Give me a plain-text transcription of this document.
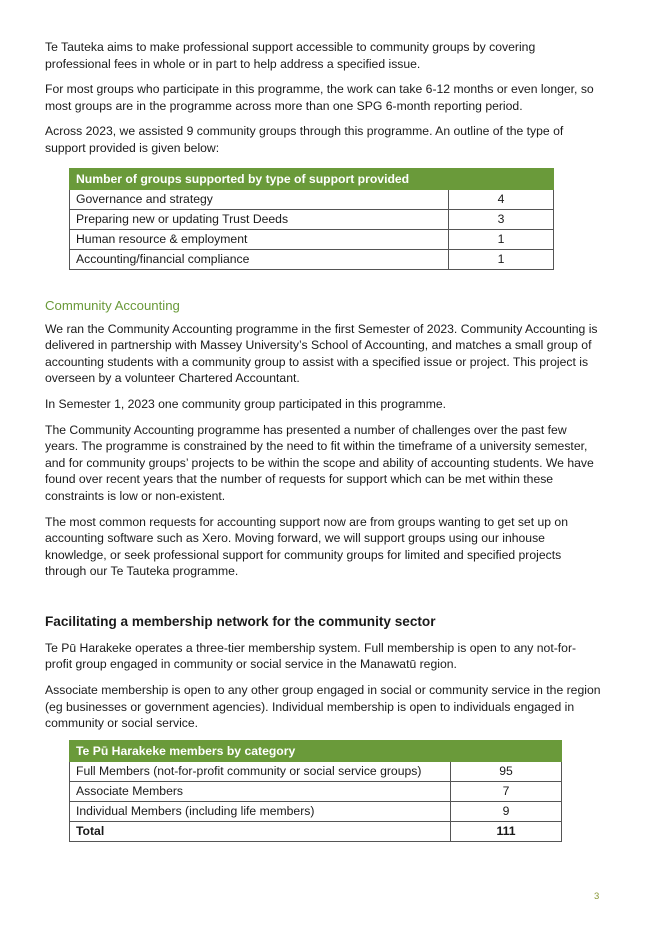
Te Tauteka aims to make professional support accessible to community groups by covering professional fees in whole or in part to help address a specified issue.

For most groups who participate in this programme, the work can take 6-12 months or even longer, so most groups are in the programme across more than one SPG 6-month reporting period.

Across 2023, we assisted 9 community groups through this programme. An outline of the type of support provided is given below:

Number of groups supported by type of support provided	
Governance and strategy	4
Preparing new or updating Trust Deeds	3
Human resource & employment	1
Accounting/financial compliance	1
Community Accounting

We ran the Community Accounting programme in the first Semester of 2023. Community Accounting is delivered in partnership with Massey University’s School of Accounting, and matches a small group of accounting students with a community group to assist with a specified issue or project. This project is overseen by a volunteer Chartered Accountant.

In Semester 1, 2023 one community group participated in this programme.

The Community Accounting programme has presented a number of challenges over the past few years. The programme is constrained by the need to fit within the timeframe of a university semester, and for community groups’ projects to be within the scope and ability of accounting students. We have found over recent years that the number of requests for support which can be met within these constraints is low or non-existent.

The most common requests for accounting support now are from groups wanting to get set up on accounting software such as Xero. Moving forward, we will support groups using our inhouse knowledge, or seek professional support for community groups for limited and specified projects through our Te Tauteka programme.

Facilitating a membership network for the community sector

Te Pū Harakeke operates a three-tier membership system. Full membership is open to any not-for-profit group engaged in community or social service in the Manawatū region.

Associate membership is open to any other group engaged in social or community service in the region (eg businesses or government agencies). Individual membership is open to individuals engaged in community or social service.

Te Pū Harakeke members by category	
Full Members (not-for-profit community or social service groups)	95
Associate Members	7
Individual Members (including life members)	9
Total	111
3
